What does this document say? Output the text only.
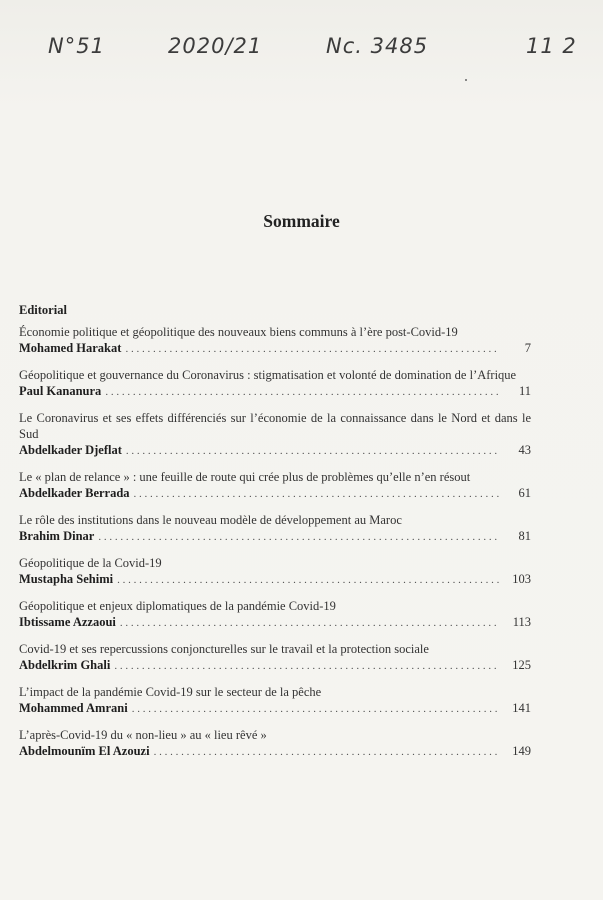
N°51	2020/21	Nc. 3485	11 2
Sommaire
Editorial
Économie politique et géopolitique des nouveaux biens communs à l’ère post-Covid-19
Mohamed Harakat . . .	7
Géopolitique et gouvernance du Coronavirus : stigmatisation et volonté de domination de l’Afrique
Paul Kananura . . .	11
Le Coronavirus et ses effets différenciés sur l’économie de la connaissance dans le Nord et dans le Sud
Abdelkader Djeflat . . .	43
Le « plan de relance » : une feuille de route qui crée plus de problèmes qu’elle n’en résout
Abdelkader Berrada . . .	61
Le rôle des institutions dans le nouveau modèle de développement au Maroc
Brahim Dinar . . .	81
Géopolitique de la Covid-19
Mustapha Sehimi . . .	103
Géopolitique et enjeux diplomatiques de la pandémie Covid-19
Ibtissame Azzaoui . . .	113
Covid-19 et ses repercussions conjoncturelles sur le travail et la protection sociale
Abdelkrim Ghali . . .	125
L’impact de la pandémie Covid-19 sur le secteur de la pêche
Mohammed Amrani . . .	141
L’après-Covid-19 du « non-lieu » au « lieu rêvé »
Abdelmounïm El Azouzi . . .	149
